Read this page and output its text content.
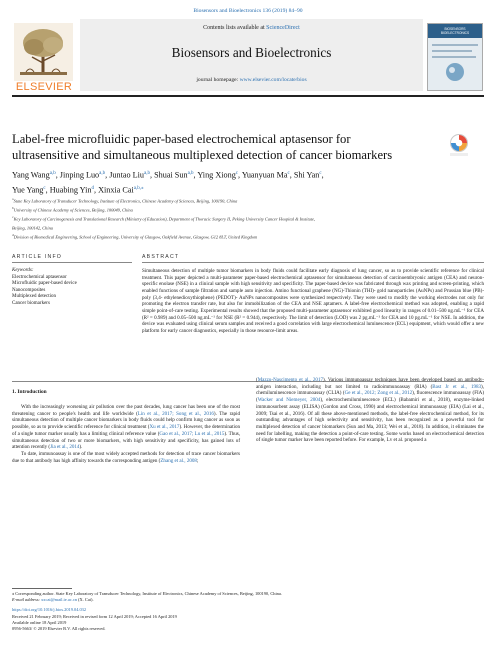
Biosensors and Bioelectronics 136 (2019) 84–90
ELSEVIER
Contents lists available at ScienceDirect
Biosensors and Bioelectronics
journal homepage: www.elsevier.com/locate/bios
BIOSENSORS BIOELECTRONICS
Label-free microfluidic paper-based electrochemical aptasensor for
ultrasensitive and simultaneous multiplexed detection of cancer biomarkers
Yang Wang$^{a,b}$, Jinping Luo$^{a,b}$, Juntao Liu$^{a,b}$, Shuai Sun$^{a,b}$, Ying Xiong$^c$, Yuanyuan Ma$^c$, Shi Yan$^c$,
Yue Yang$^c$, Huabing Yin$^d$, Xinxia Cai$^{a,b,⁎}$
$^a$State Key Laboratory of Transducer Technology, Institute of Electronics, Chinese Academy of Sciences, Beijing, 100190, China
$^b$University of Chinese Academy of Sciences, Beijing, 100049, China
$^c$Key Laboratory of Carcinogenesis and Translational Research (Ministry of Education), Department of Thoracic Surgery II, Peking University Cancer Hospital & Institute,
Beijing, 100142, China
$^d$Division of Biomedical Engineering, School of Engineering, University of Glasgow, Oakfield Avenue, Glasgow, G12 8LT, United Kingdom
ARTICLE INFO	ABSTRACT
Keywords:
Electrochemical aptasensor
Microfluidic paper-based device
Nanocomposites
Multiplexed detection
Cancer biomarkers
Simultaneous detection of multiple tumor biomarkers in body fluids could facilitate early diagnosis of lung cancer, so as to provide scientific reference for clinical treatment. This paper depicted a multi-parameter paper-based electrochemical aptasensor for simultaneous detection of carcinoembryonic antigen (CEA) and neuron-specific enolase (NSE) in a clinical sample with high sensitivity and specificity. The paper-based device was fabricated through wax printing and screen-printing, which enabled functions of sample filtration and sample auto injection. Amino functional graphene (NG)-Thionin (THI)- gold nanoparticles (AuNPs) and Prussian blue (PB)- poly (3,4- ethylenedioxythiophene) (PEDOT)- AuNPs nanocomposites were synthesized respectively. They were used to modify the working electrodes not only for promoting the electron transfer rate, but also for immobilization of the CEA and NSE aptamers. A label-free electrochemical method was adopted, enabling a rapid simple point-of-care testing. Experimental results showed that the proposed multi-parameter aptasensor exhibited good linearity in ranges of 0.01–500 ng.mL⁻¹ for CEA (R² = 0.989) and 0.05–500 ng.mL⁻¹ for NSE (R² = 0.944), respectively. The limit of detection (LOD) was 2 pg.mL⁻¹ for CEA and 10 pg.mL⁻¹ for NSE. In addition, the device was evaluated using clinical serum samples and received a good correlation with large electrochemical luminescence (ECL) equipment, which would offer a new platform for early cancer diagnostics, especially in those resource-limit areas.
1. Introduction

With the increasingly worsening air pollution over the past decades, lung cancer has been one of the most threatening cancer to people's health and life worldwide (Lin et al., 2017; Song et al., 2016). The rapid simultaneous detection of multiple cancer biomarkers in body fluids could help confirm lung cancer as soon as possible, so as to provide scientific reference for clinical treatment (Xu et al., 2017). However, the determination of a single tumor marker usually has a limiting clinical reference value (Gao et al., 2017; Lu et al., 2015). Thus, simultaneous detection of two or more biomarkers, with high sensitivity and specificity, has gained lots of attention recently (Jia et al., 2014).

To date, immunoassay is one of the most widely accepted methods for detection of trace cancer biomarkers due to that antibody has high affinity towards the corresponding antigen (Zhang et al., 2008;

(Mazzu-Nascimento et al., 2017). Various immunoassay techniques have been developed based on antibody-antigen interaction, including but not limited to radioimmunoassay (RIA) (Bast Jr et al., 1983), chemiluminescence immunoassay (CLIA) (Ge et al., 2012; Zong et al., 2012), fluorescence immunoassay (FIA) (Wacker and Niemeyer, 2004), electrochemiluminescence (ECL) (Babamiri et al., 2018), enzyme-linked immunosorbent assay (ELISA) (Gordon and Cross, 1990) and electrochemical immunoassay (EIA) (Lai et al., 2009; Tsai et al., 2016). Of all these above-mentioned methods, the label-free electrochemical method, for its outstanding advantages of high selectivity and sensitivity, has been recognized as a powerful tool for multiplexed detection of cancer biomarkers (Sun and Ma, 2013; Wei et al., 2018). In addition, it eliminates the need for labelling, making the detection a point-of-care testing. Some works based on electrochemical detection of single tumor marker have been reported before. For example, Lv et al. proposed a

⁎ Corresponding author. State Key Laboratory of Transducer Technology, Institute of Electronics, Chinese Academy of Sciences, Beijing, 100190, China.
E-mail address: xxcai@mail.ie.ac.cn (X. Cai).
https://doi.org/10.1016/j.bios.2019.04.032
Received 21 February 2019; Received in revised form 12 April 2019; Accepted 16 April 2019
Available online 18 April 2019
0956-5663/ © 2019 Elsevier B.V. All rights reserved.
